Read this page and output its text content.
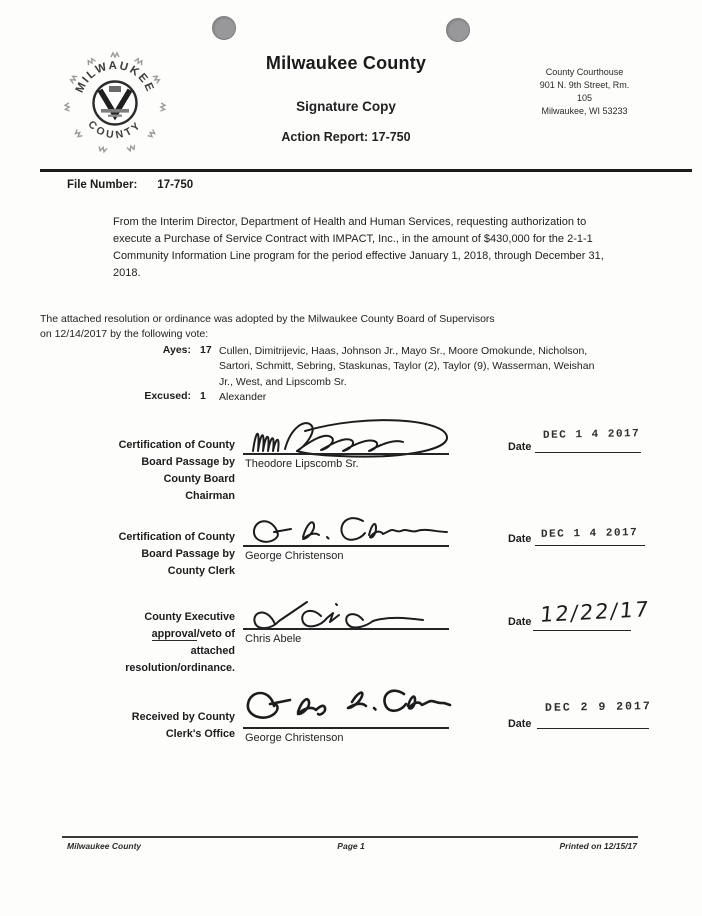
MILWAUKEE
COUNTY
Milwaukee County
Signature Copy
Action Report: 17-750
County Courthouse
901 N. 9th Street, Rm.
105
Milwaukee, WI 53233
File Number: 17-750
From the Interim Director, Department of Health and Human Services, requesting authorization to execute a Purchase of Service Contract with IMPACT, Inc., in the amount of $430,000 for the 2-1-1 Community Information Line program for the period effective January 1, 2018, through December 31, 2018.
The attached resolution or ordinance was adopted by the Milwaukee County Board of Supervisors
on 12/14/2017 by the following vote:
Ayes: 17 Cullen, Dimitrijevic, Haas, Johnson Jr., Mayo Sr., Moore Omokunde, Nicholson, Sartori, Schmitt, Sebring, Staskunas, Taylor (2), Taylor (9), Wasserman, Weishan Jr., West, and Lipscomb Sr.
Excused: 1	Alexander
Certification of County
Board Passage by
County Board
Chairman
Theodore Lipscomb Sr.
Date
DEC 1 4 2017
Certification of County
Board Passage by
County Clerk
George Christenson
Date DEC 1 4 2017
County Executive
approval/veto of
attached
resolution/ordinance.
Chris Abele
Date 12/22/17
Received by County
Clerk's Office George Christenson
Date
DEC 2 9 2017
Milwaukee County	Page 1	Printed on 12/15/17
